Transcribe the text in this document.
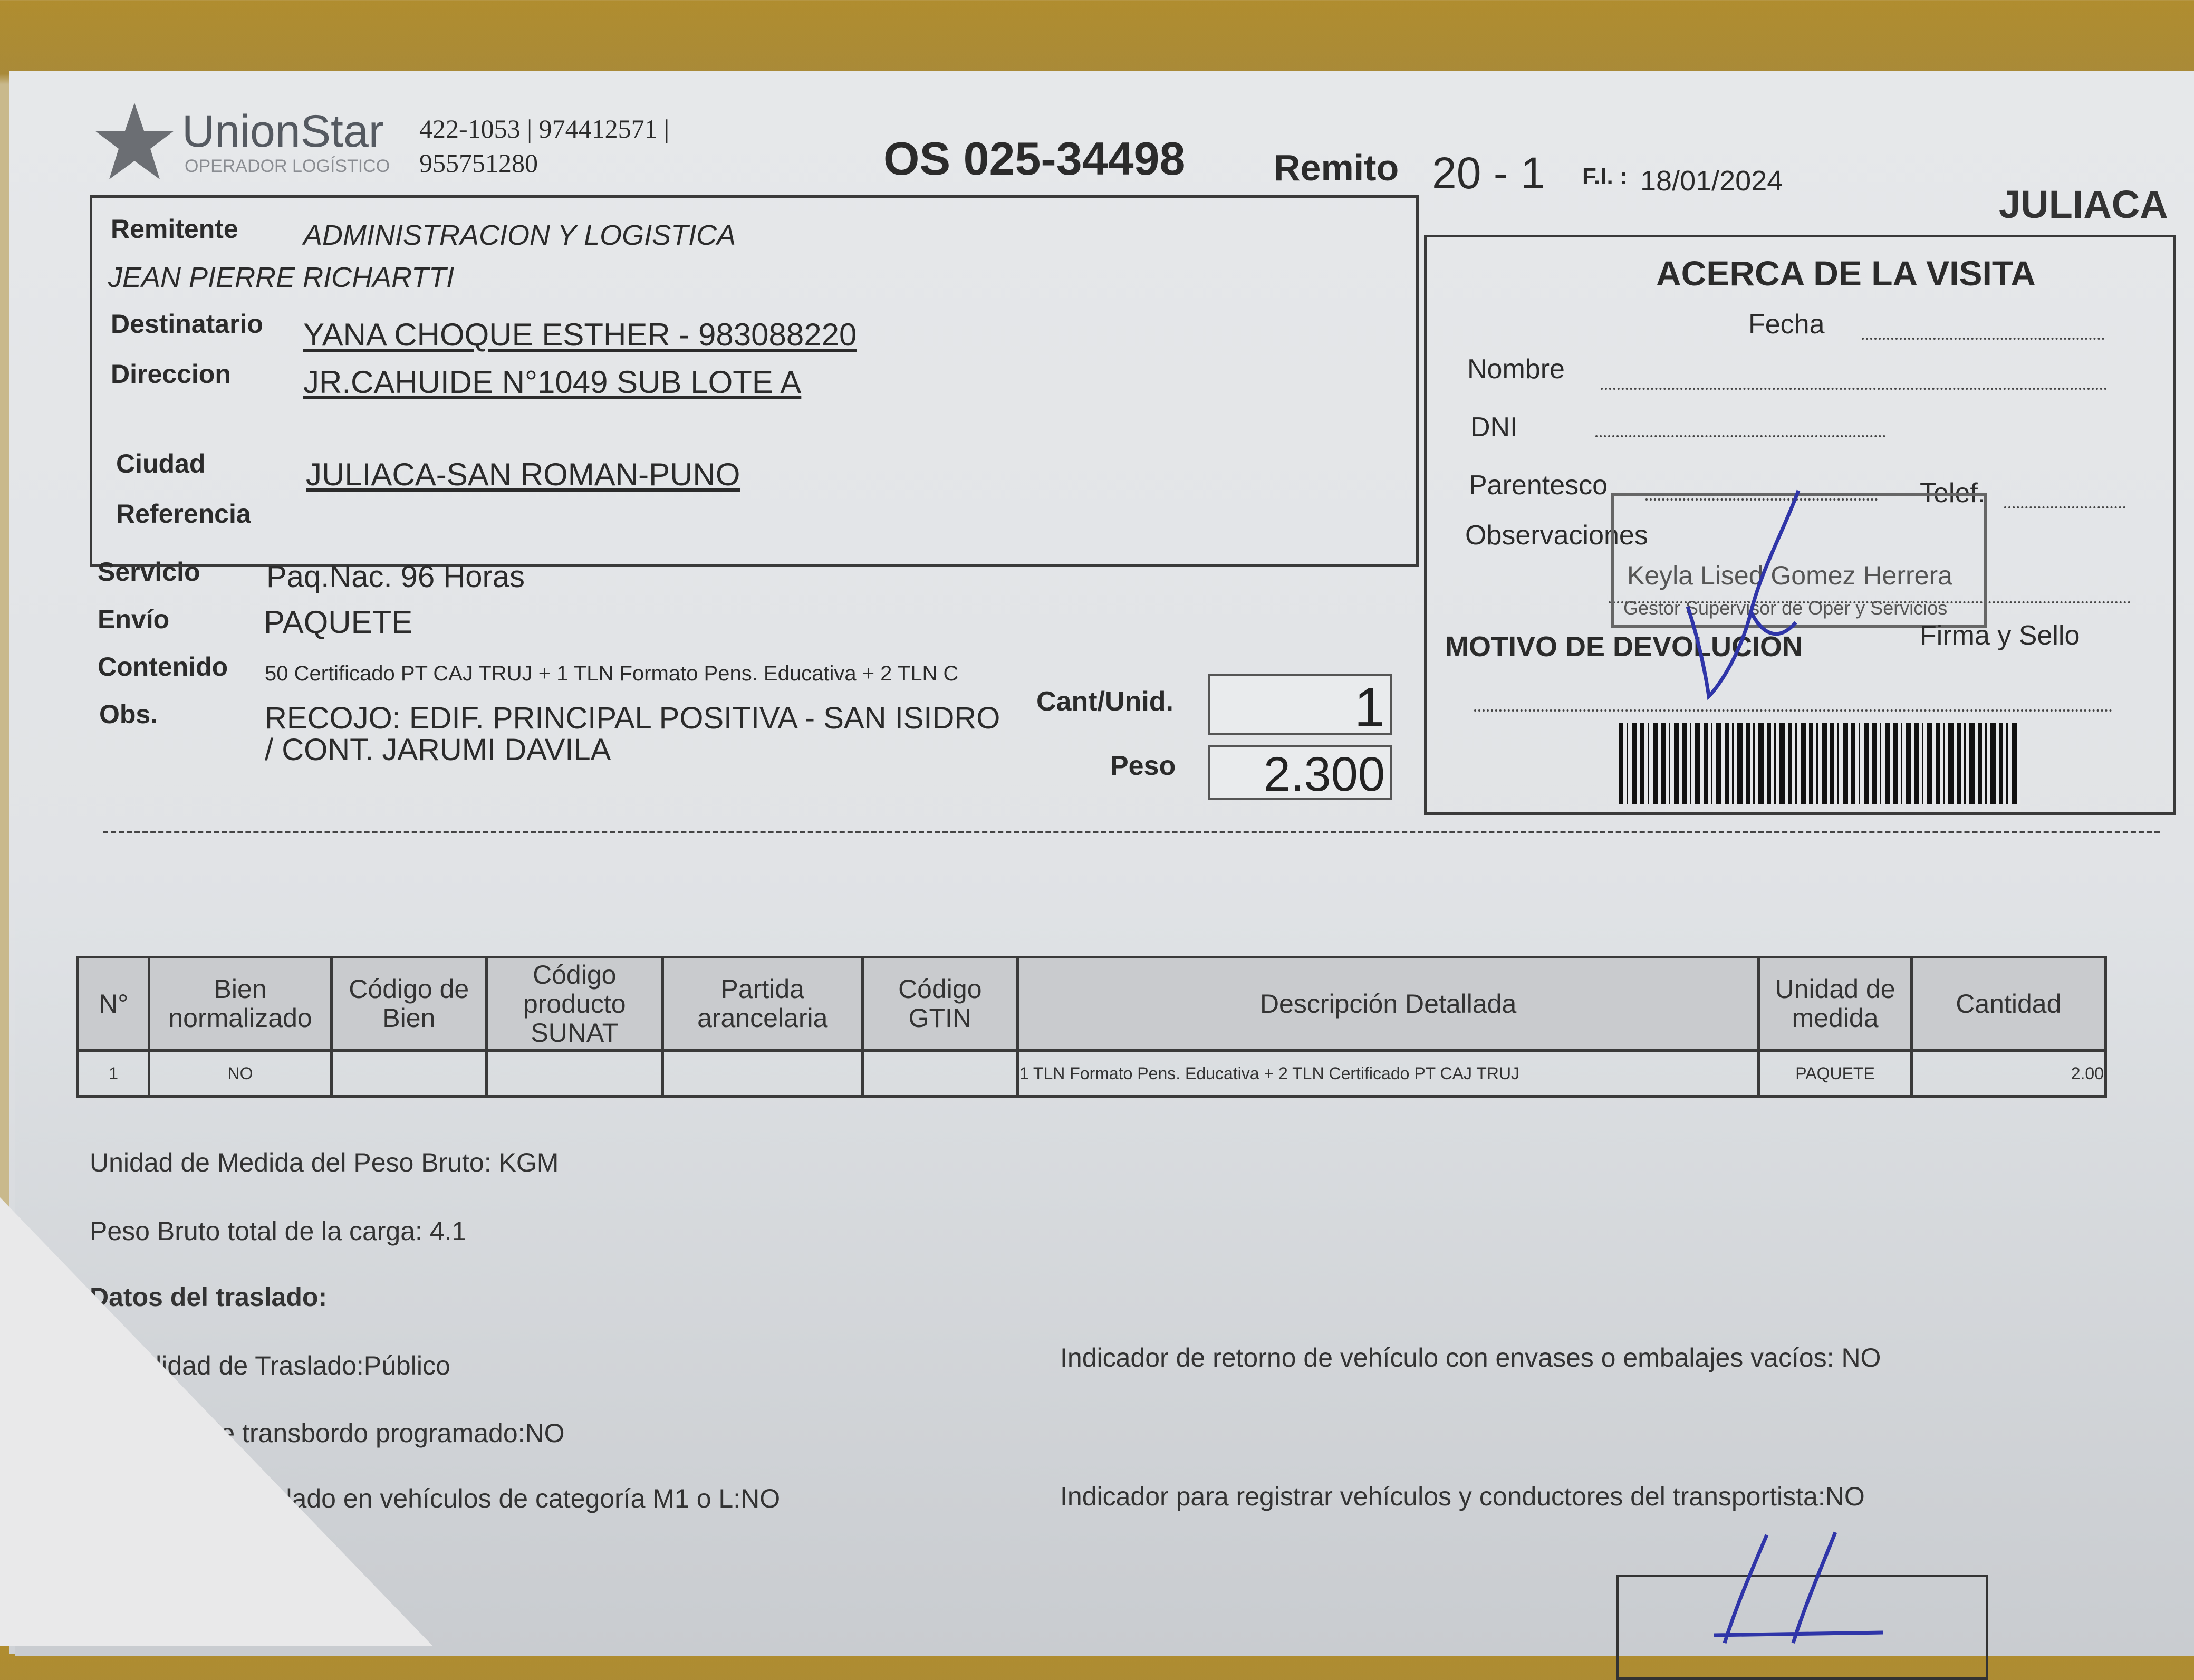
UnionStar
OPERADOR LOGÍSTICO
422-1053 | 974412571 |
955751280	OS 025-34498 Remito 20 - 1 F.I. : 18/01/2024
JULIACA
Remitente ADMINISTRACION Y LOGISTICA
JEAN PIERRE RICHARTTI
Destinatario YANA CHOQUE ESTHER - 983088220
Direccion JR.CAHUIDE N°1049 SUB LOTE A
Ciudad	JULIACA-SAN ROMAN-PUNO
Referencia
Servicio Paq.Nac. 96 Horas
Envío	PAQUETE
Contenido 50 Certificado PT CAJ TRUJ + 1 TLN Formato Pens. Educativa + 2 TLN C
Obs.	RECOJO: EDIF. PRINCIPAL POSITIVA - SAN ISIDRO
/ CONT. JARUMI DAVILA
Cant/Unid.	1
Peso	2.300
ACERCA DE LA VISITA
Fecha
Nombre
DNI
Parentesco	Telef.
Observaciones
Keyla Lised Gomez Herrera
Gestor Supervisor de Oper y Servicios
MOTIVO DE DEVOLUCION	Firma y Sello
N°	Bien normalizado	Código de Bien	Código producto SUNAT	Partida arancelaria	Código GTIN	Descripción Detallada	Unidad de medida	Cantidad
1	NO					1 TLN Formato Pens. Educativa + 2 TLN Certificado PT CAJ TRUJ	PAQUETE	2.00
Unidad de Medida del Peso Bruto: KGM
Peso Bruto total de la carga: 4.1
Datos del traslado:
Modalidad de Traslado:Público
Indicador de transbordo programado:NO
Indicador de traslado en vehículos de categoría M1 o L:NO
Indicador de retorno de vehículo con envases o embalajes vacíos: NO
Indicador para registrar vehículos y conductores del transportista:NO
